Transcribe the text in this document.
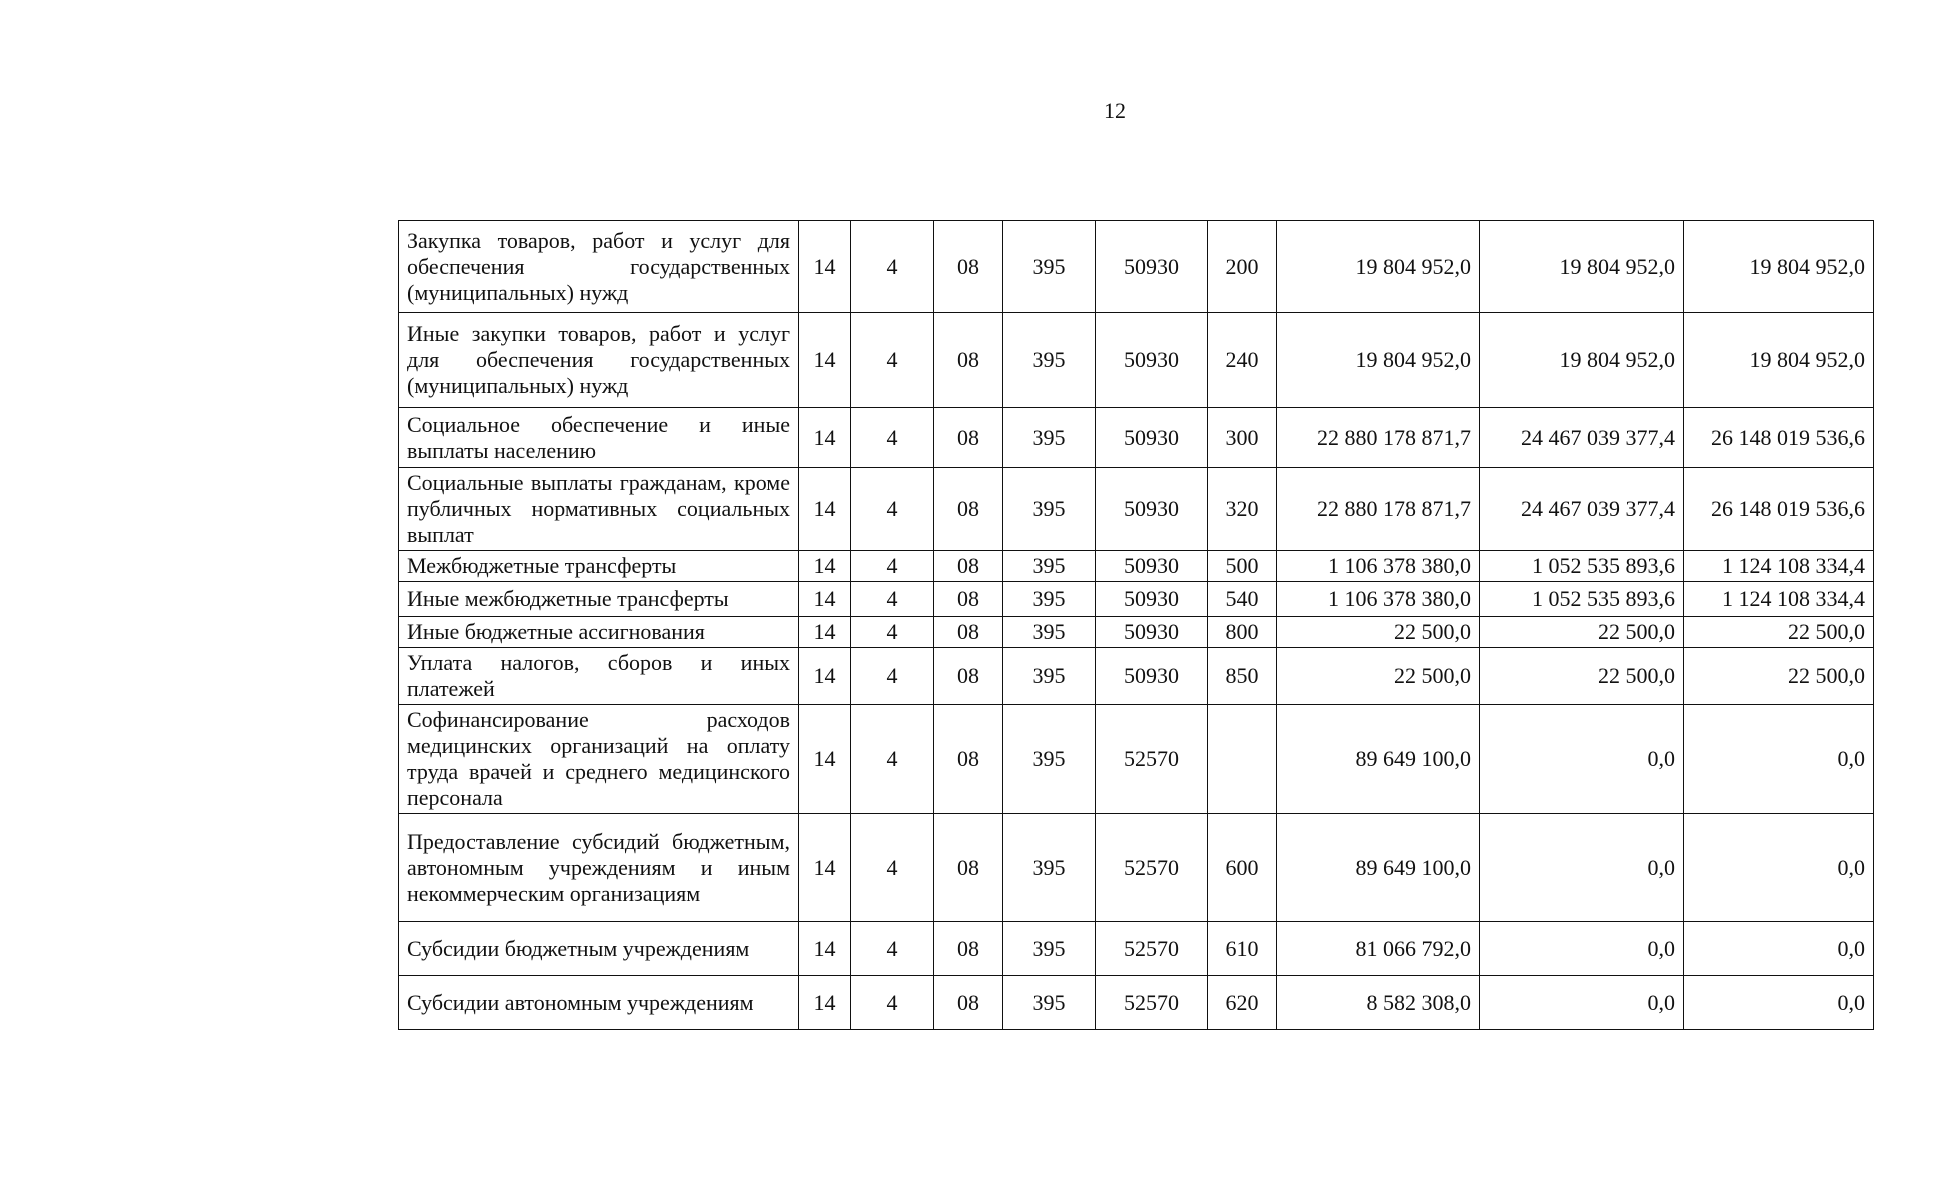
12
Закупка товаров, работ и услуг для обеспечения государственных (муниципальных) нужд	14	4	08	395	50930	200	19 804 952,0	19 804 952,0	19 804 952,0
Иные закупки товаров, работ и услуг для обеспечения государственных (муниципальных) нужд	14	4	08	395	50930	240	19 804 952,0	19 804 952,0	19 804 952,0
Социальное обеспечение и иные выплаты населению	14	4	08	395	50930	300	22 880 178 871,7	24 467 039 377,4	26 148 019 536,6
Социальные выплаты гражданам, кроме публичных нормативных социальных выплат	14	4	08	395	50930	320	22 880 178 871,7	24 467 039 377,4	26 148 019 536,6
Межбюджетные трансферты	14	4	08	395	50930	500	1 106 378 380,0	1 052 535 893,6	1 124 108 334,4
Иные межбюджетные трансферты	14	4	08	395	50930	540	1 106 378 380,0	1 052 535 893,6	1 124 108 334,4
Иные бюджетные ассигнования	14	4	08	395	50930	800	22 500,0	22 500,0	22 500,0
Уплата налогов, сборов и иных платежей	14	4	08	395	50930	850	22 500,0	22 500,0	22 500,0
Софинансирование расходов медицинских организаций на оплату труда врачей и среднего медицинского персонала	14	4	08	395	52570		89 649 100,0	0,0	0,0
Предоставление субсидий бюджетным, автономным учреждениям и иным некоммерческим организациям	14	4	08	395	52570	600	89 649 100,0	0,0	0,0
Субсидии бюджетным учреждениям	14	4	08	395	52570	610	81 066 792,0	0,0	0,0
Субсидии автономным учреждениям	14	4	08	395	52570	620	8 582 308,0	0,0	0,0
